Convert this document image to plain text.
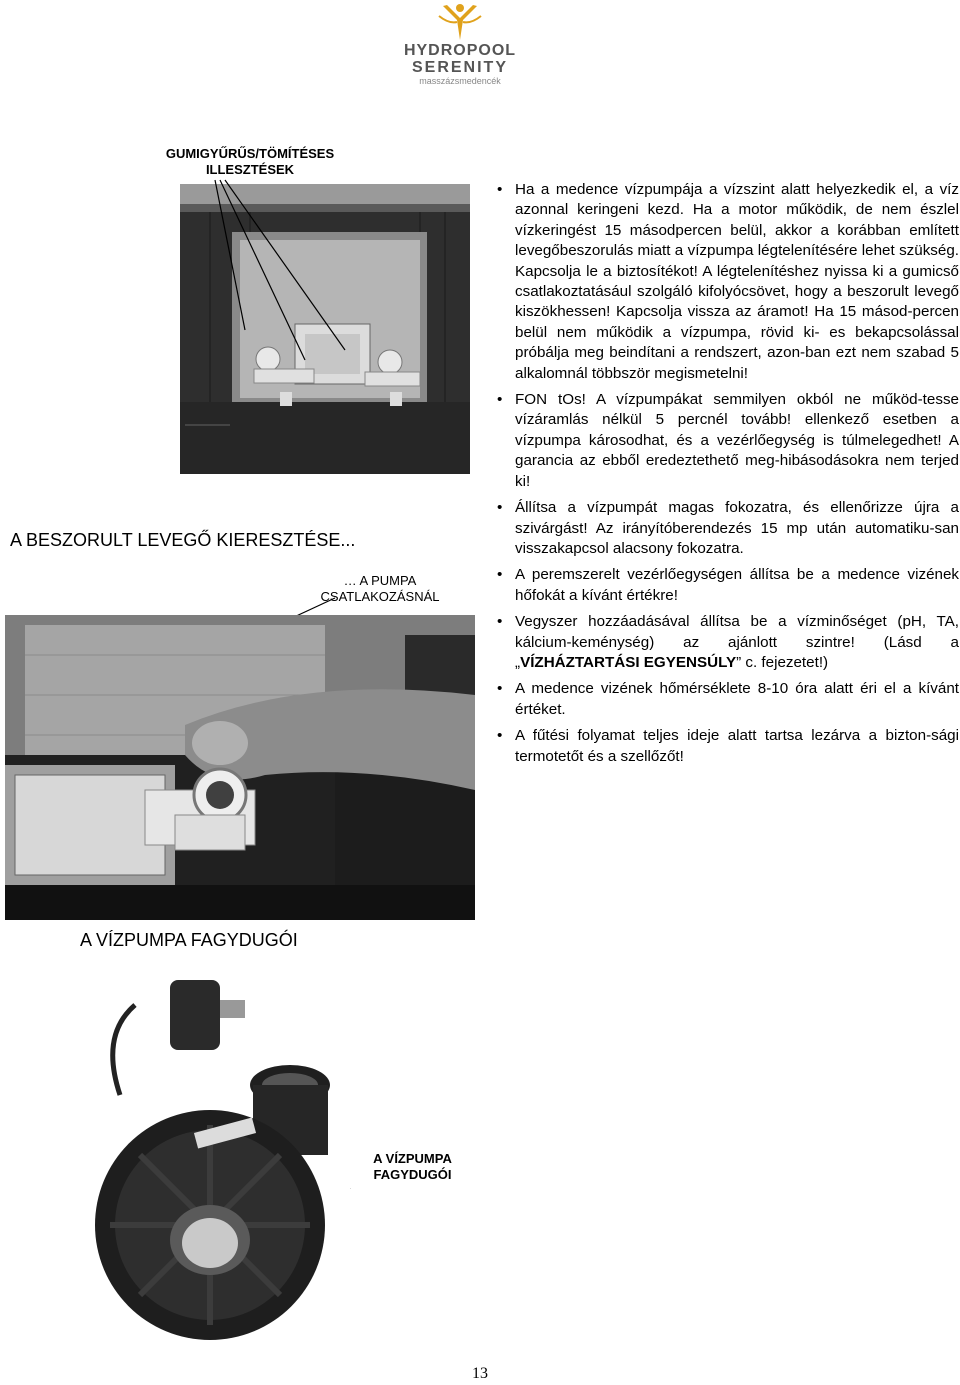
HYDROPOOL
SERENITY
masszázsmedencék
GUMIGYŰRŰS/TÖMÍTÉSES
ILLESZTÉSEK
A BESZORULT LEVEGŐ KIERESZTÉSE...
… A PUMPA
CSATLAKOZÁSNÁL
A VÍZPUMPA FAGYDUGÓI
A VÍZPUMPA
FAGYDUGÓI
• Ha a medence vízpumpája a vízszint alatt helyezkedik el, a víz azonnal keringeni kezd. Ha a motor működik, de nem észlel vízkeringést 15 másodpercen belül, akkor a korábban említett levegőbeszorulás miatt a vízpumpa légtelenítésére lehet szükség. Kapcsolja le a biztosítékot! A légtelenítéshez nyissa ki a gumicső csatlakoztatásául szolgáló kifolyócsövet, hogy a beszorult levegő kiszökhessen! Kapcsolja vissza az áramot! Ha 15 másod-percen belül nem működik a vízpumpa, rövid ki- es bekapcsolással próbálja meg beindítani a rendszert, azon-ban ezt nem szabad 5 alkalomnál többször megismetelni!
• FON tOs! A vízpumpákat semmilyen okból ne működ-tesse vízáramlás nélkül 5 percnél tovább! ellenkező esetben a vízpumpa károsodhat, és a vezérlőegység is túlmelegedhet! A garancia az ebből eredeztethető meg-hibásodásokra nem terjed ki!
• Állítsa a vízpumpát magas fokozatra, és ellenőrizze újra a szivárgást! Az irányítóberendezés 15 mp után automatiku-san visszakapcsol alacsony fokozatra.
• A peremszerelt vezérlőegységen állítsa be a medence vizének hőfokát a kívánt értékre!
• Vegyszer hozzáadásával állítsa be a vízminőséget (pH, TA, kálcium-keménység) az ajánlott szintre! (Lásd a „VÍZHÁZTARTÁSI EGYENSÚLY” c. fejezetet!)
• A medence vizének hőmérséklete 8-10 óra alatt éri el a kívánt értéket.
• A fűtési folyamat teljes ideje alatt tartsa lezárva a bizton-sági termotetőt és a szellőzőt!
13
